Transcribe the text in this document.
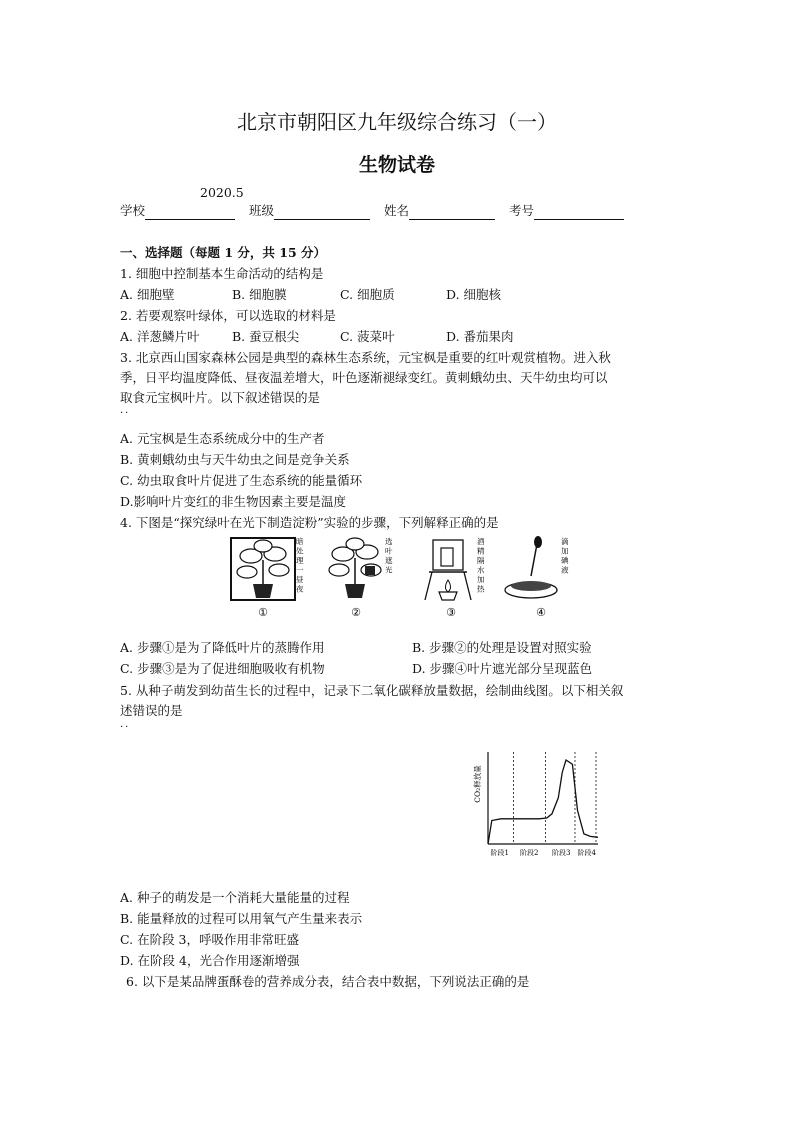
北京市朝阳区九年级综合练习（一）
生物试卷
2020.5
学校	班级	姓名	考号
一、选择题（每题 1 分，共 15 分）
1. 细胞中控制基本生命活动的结构是
A. 细胞壁	B. 细胞膜	C. 细胞质	D. 细胞核
2. 若要观察叶绿体，可以选取的材料是
A. 洋葱鳞片叶	B. 蚕豆根尖	C. 菠菜叶	D. 番茄果肉
3. 北京西山国家森林公园是典型的森林生态系统，元宝枫是重要的红叶观赏植物。进入秋
季，日平均温度降低、昼夜温差增大，叶色逐渐褪绿变红。黄刺蛾幼虫、天牛幼虫均可以
取食元宝枫叶片。以下叙述错误的是
··
A. 元宝枫是生态系统成分中的生产者
B. 黄刺蛾幼虫与天牛幼虫之间是竞争关系
C. 幼虫取食叶片促进了生态系统的能量循环
D.影响叶片变红的非生物因素主要是温度
4. 下图是“探究绿叶在光下制造淀粉”实验的步骤，下列解释正确的是
暗处理一昼夜
选叶遮光
酒精隔水加热
滴加碘液
①	②	③	④
A. 步骤①是为了降低叶片的蒸腾作用	B. 步骤②的处理是设置对照实验
C. 步骤③是为了促进细胞吸收有机物	D. 步骤④叶片遮光部分呈现蓝色
5. 从种子萌发到幼苗生长的过程中，记录下二氧化碳释放量数据，绘制曲线图。以下相关叙
述错误的是
··
CO₂释放量
阶段1 阶段2 阶段3 阶段4
A. 种子的萌发是一个消耗大量能量的过程
B. 能量释放的过程可以用氧气产生量来表示
C. 在阶段 3，呼吸作用非常旺盛
D. 在阶段 4，光合作用逐渐增强
6. 以下是某品牌蛋酥卷的营养成分表，结合表中数据，下列说法正确的是
